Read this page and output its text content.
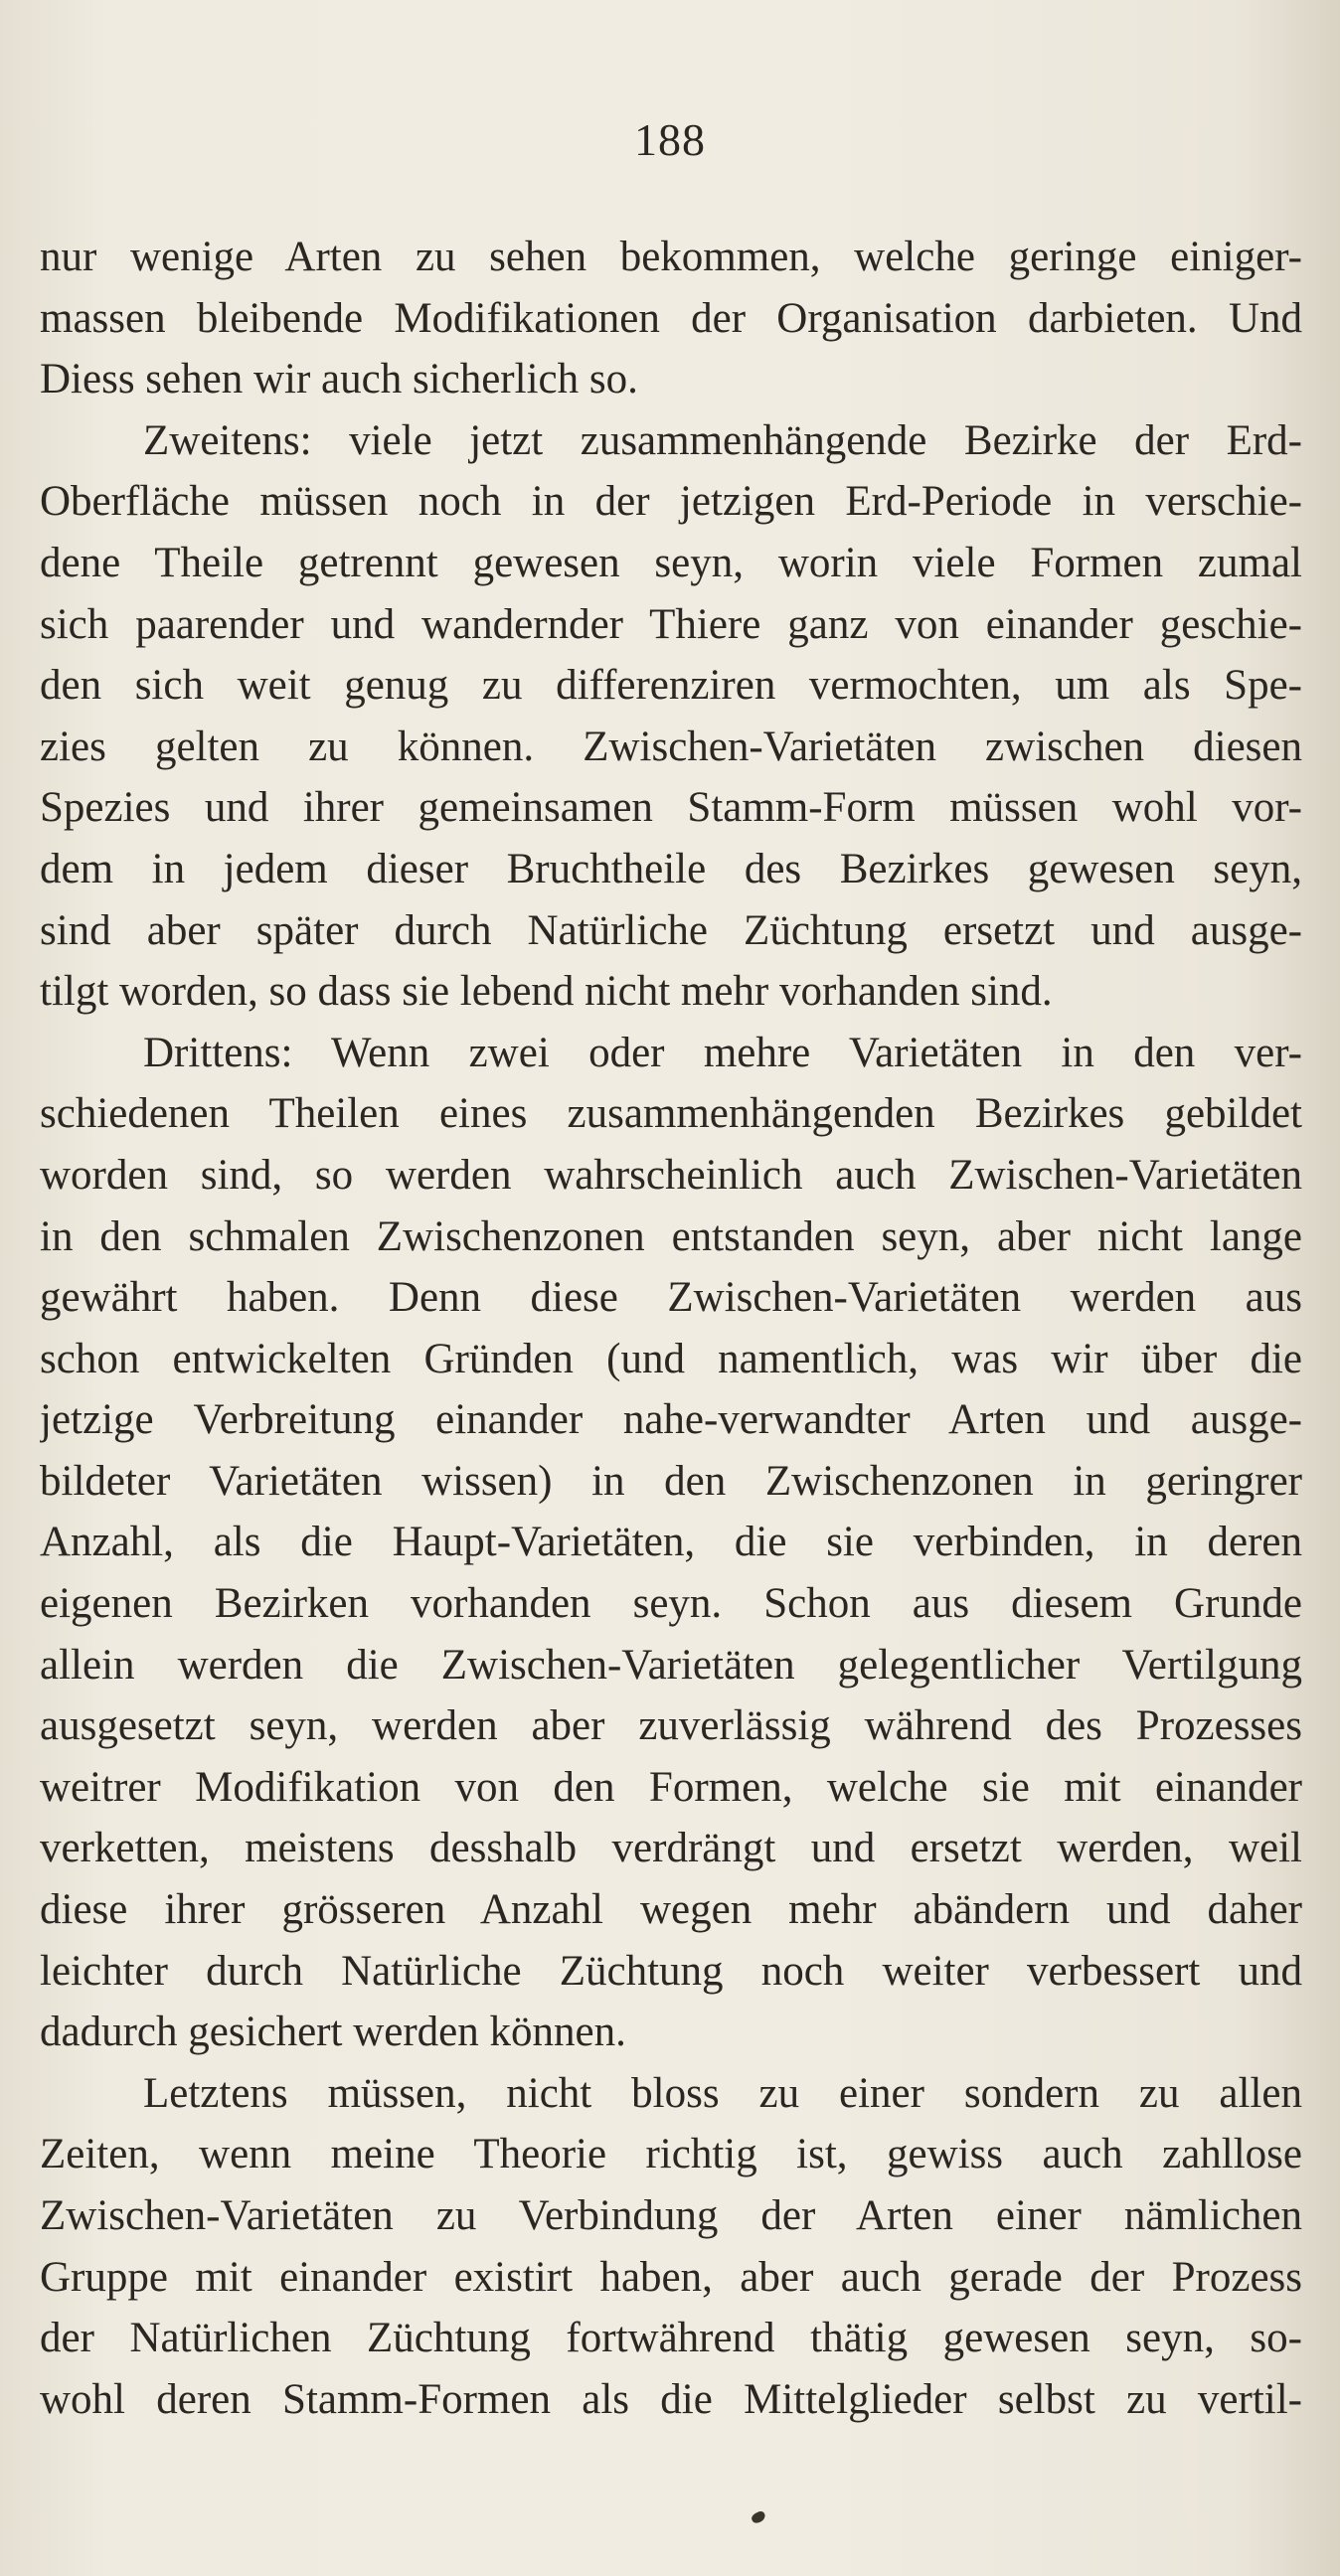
188
nur wenige Arten zu sehen bekommen, welche geringe einiger-
massen bleibende Modifikationen der Organisation darbieten. Und
Diess sehen wir auch sicherlich so.
Zweitens: viele jetzt zusammenhängende Bezirke der Erd-
Oberfläche müssen noch in der jetzigen Erd-Periode in verschie-
dene Theile getrennt gewesen seyn, worin viele Formen zumal
sich paarender und wandernder Thiere ganz von einander geschie-
den sich weit genug zu differenziren vermochten, um als Spe-
zies gelten zu können. Zwischen-Varietäten zwischen diesen
Spezies und ihrer gemeinsamen Stamm-Form müssen wohl vor-
dem in jedem dieser Bruchtheile des Bezirkes gewesen seyn,
sind aber später durch Natürliche Züchtung ersetzt und ausge-
tilgt worden, so dass sie lebend nicht mehr vorhanden sind.
Drittens: Wenn zwei oder mehre Varietäten in den ver-
schiedenen Theilen eines zusammenhängenden Bezirkes gebildet
worden sind, so werden wahrscheinlich auch Zwischen-Varietäten
in den schmalen Zwischenzonen entstanden seyn, aber nicht lange
gewährt haben. Denn diese Zwischen-Varietäten werden aus
schon entwickelten Gründen (und namentlich, was wir über die
jetzige Verbreitung einander nahe-verwandter Arten und ausge-
bildeter Varietäten wissen) in den Zwischenzonen in geringrer
Anzahl, als die Haupt-Varietäten, die sie verbinden, in deren
eigenen Bezirken vorhanden seyn. Schon aus diesem Grunde
allein werden die Zwischen-Varietäten gelegentlicher Vertilgung
ausgesetzt seyn, werden aber zuverlässig während des Prozesses
weitrer Modifikation von den Formen, welche sie mit einander
verketten, meistens desshalb verdrängt und ersetzt werden, weil
diese ihrer grösseren Anzahl wegen mehr abändern und daher
leichter durch Natürliche Züchtung noch weiter verbessert und
dadurch gesichert werden können.
Letztens müssen, nicht bloss zu einer sondern zu allen
Zeiten, wenn meine Theorie richtig ist, gewiss auch zahllose
Zwischen-Varietäten zu Verbindung der Arten einer nämlichen
Gruppe mit einander existirt haben, aber auch gerade der Prozess
der Natürlichen Züchtung fortwährend thätig gewesen seyn, so-
wohl deren Stamm-Formen als die Mittelglieder selbst zu vertil-
